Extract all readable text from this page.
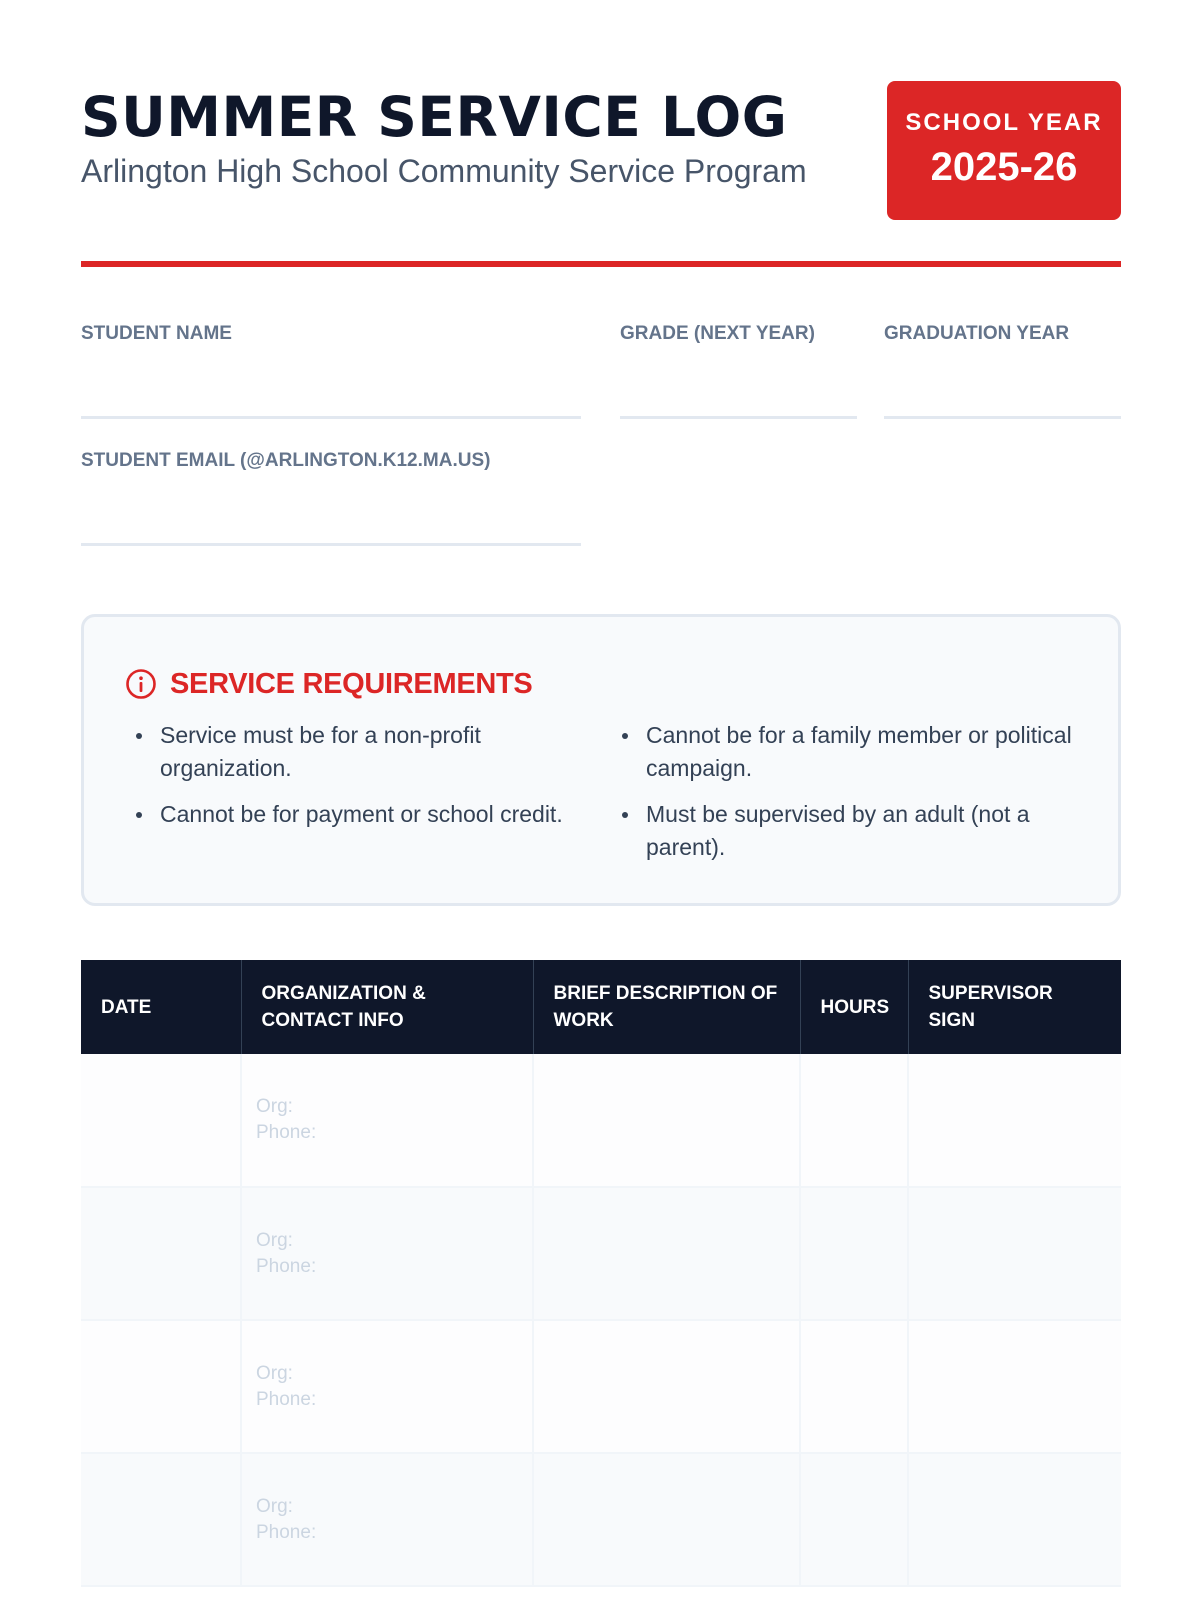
SUMMER SERVICE LOG
Arlington High School Community Service Program
SCHOOL YEAR
2025-26
STUDENT NAME	GRADE (NEXT YEAR)	GRADUATION YEAR
STUDENT EMAIL (@ARLINGTON.K12.MA.US)
SERVICE REQUIREMENTS
Service must be for a non-profit organization.
Cannot be for payment or school credit.
Cannot be for a family member or political campaign.
Must be supervised by an adult (not a parent).
DATE	ORGANIZATION & CONTACT INFO	BRIEF DESCRIPTION OF WORK	HOURS	SUPERVISOR SIGN

	Org:
Phone:			

	Org:
Phone:			

	Org:
Phone:			

	Org:
Phone:			
